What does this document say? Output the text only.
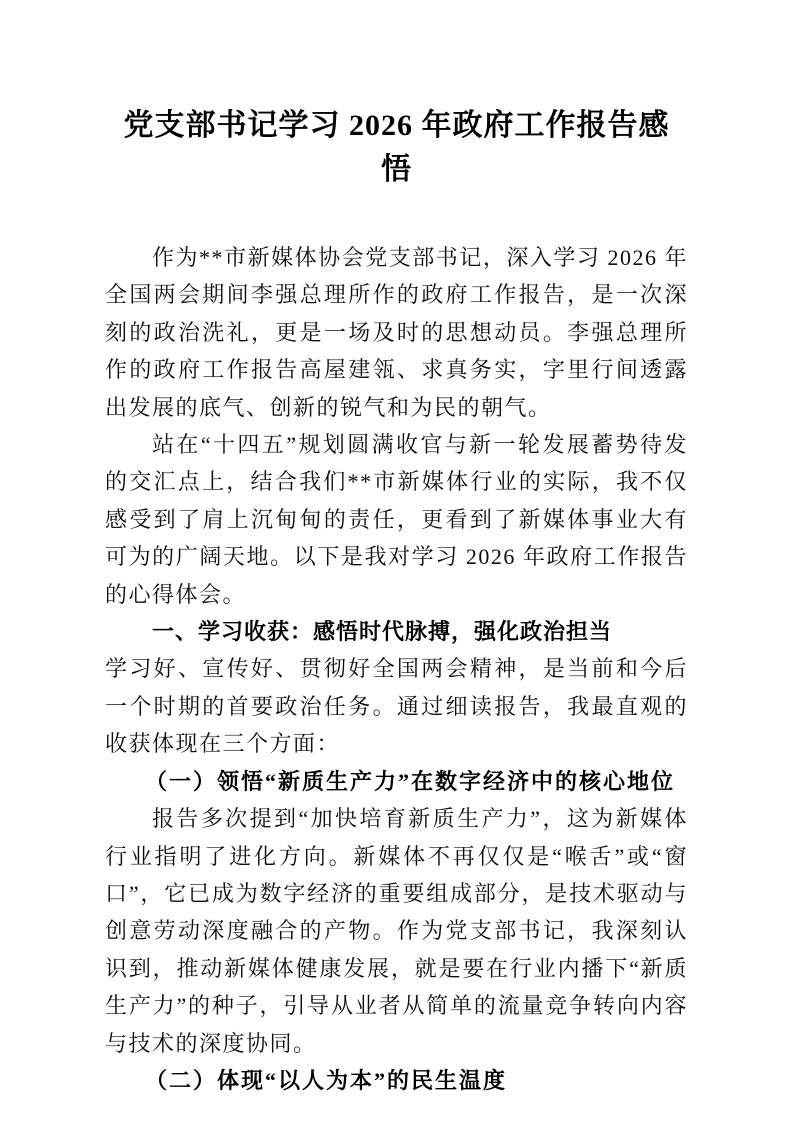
党支部书记学习 2026 年政府工作报告感
悟

作为**市新媒体协会党支部书记，深入学习 2026 年全国两会期间李强总理所作的政府工作报告，是一次深刻的政治洗礼，更是一场及时的思想动员。李强总理所作的政府工作报告高屋建瓴、求真务实，字里行间透露出发展的底气、创新的锐气和为民的朝气。

站在“十四五”规划圆满收官与新一轮发展蓄势待发的交汇点上，结合我们**市新媒体行业的实际，我不仅感受到了肩上沉甸甸的责任，更看到了新媒体事业大有可为的广阔天地。以下是我对学习 2026 年政府工作报告的心得体会。

一、学习收获：感悟时代脉搏，强化政治担当

学习好、宣传好、贯彻好全国两会精神，是当前和今后一个时期的首要政治任务。通过细读报告，我最直观的收获体现在三个方面：

（一）领悟“新质生产力”在数字经济中的核心地位

报告多次提到“加快培育新质生产力”，这为新媒体行业指明了进化方向。新媒体不再仅仅是“喉舌”或“窗口”，它已成为数字经济的重要组成部分，是技术驱动与创意劳动深度融合的产物。作为党支部书记，我深刻认识到，推动新媒体健康发展，就是要在行业内播下“新质生产力”的种子，引导从业者从简单的流量竞争转向内容与技术的深度协同。

（二）体现“以人为本”的民生温度
